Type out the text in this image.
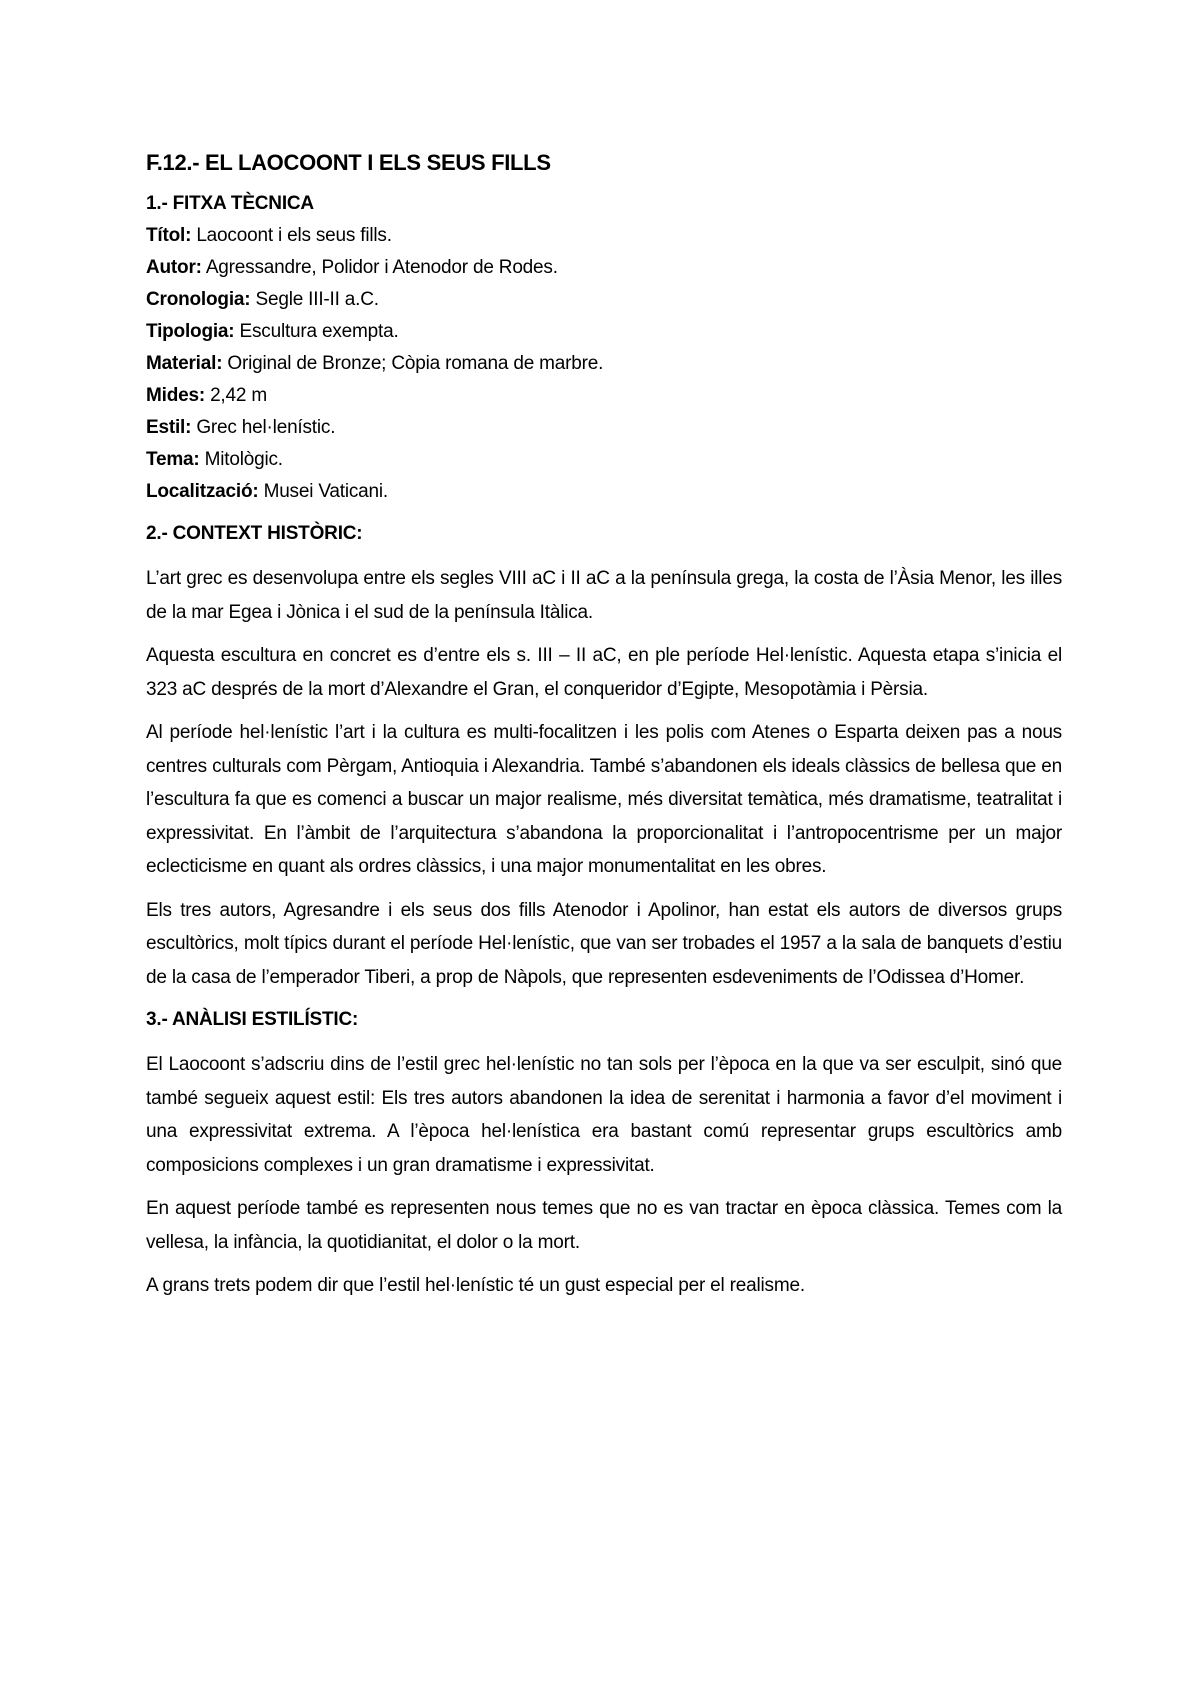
F.12.- EL LAOCOONT I ELS SEUS FILLS
1.- FITXA TÈCNICA
Títol: Laocoont i els seus fills.
Autor: Agressandre, Polidor i Atenodor de Rodes.
Cronologia: Segle III-II a.C.
Tipologia: Escultura exempta.
Material: Original de Bronze; Còpia romana de marbre.
Mides: 2,42 m
Estil: Grec hel·lenístic.
Tema: Mitològic.
Localització: Musei Vaticani.
2.- CONTEXT HISTÒRIC:

L’art grec es desenvolupa entre els segles VIII aC i II aC a la península grega, la costa de l’Àsia Menor, les illes de la mar Egea i Jònica i el sud de la península Itàlica.

Aquesta escultura en concret es d’entre els s. III – II aC, en ple període Hel·lenístic. Aquesta etapa s’inicia el 323 aC després de la mort d’Alexandre el Gran, el conqueridor d’Egipte, Mesopotàmia i Pèrsia.

Al període hel·lenístic l’art i la cultura es multi-focalitzen i les polis com Atenes o Esparta deixen pas a nous centres culturals com Pèrgam, Antioquia i Alexandria. També s’abandonen els ideals clàssics de bellesa que en l’escultura fa que es comenci a buscar un major realisme, més diversitat temàtica, més dramatisme, teatralitat i expressivitat. En l’àmbit de l’arquitectura s’abandona la proporcionalitat i l’antropocentrisme per un major eclecticisme en quant als ordres clàssics, i una major monumentalitat en les obres.

Els tres autors, Agresandre i els seus dos fills Atenodor i Apolinor, han estat els autors de diversos grups escultòrics, molt típics durant el període Hel·lenístic, que van ser trobades el 1957 a la sala de banquets d’estiu de la casa de l’emperador Tiberi, a prop de Nàpols, que representen esdeveniments de l’Odissea d’Homer.

3.- ANÀLISI ESTILÍSTIC:

El Laocoont s’adscriu dins de l’estil grec hel·lenístic no tan sols per l’època en la que va ser esculpit, sinó que també segueix aquest estil: Els tres autors abandonen la idea de serenitat i harmonia a favor d’el moviment i una expressivitat extrema. A l’època hel·lenística era bastant comú representar grups escultòrics amb composicions complexes i un gran dramatisme i expressivitat.

En aquest període també es representen nous temes que no es van tractar en època clàssica. Temes com la vellesa, la infància, la quotidianitat, el dolor o la mort.

A grans trets podem dir que l’estil hel·lenístic té un gust especial per el realisme.
